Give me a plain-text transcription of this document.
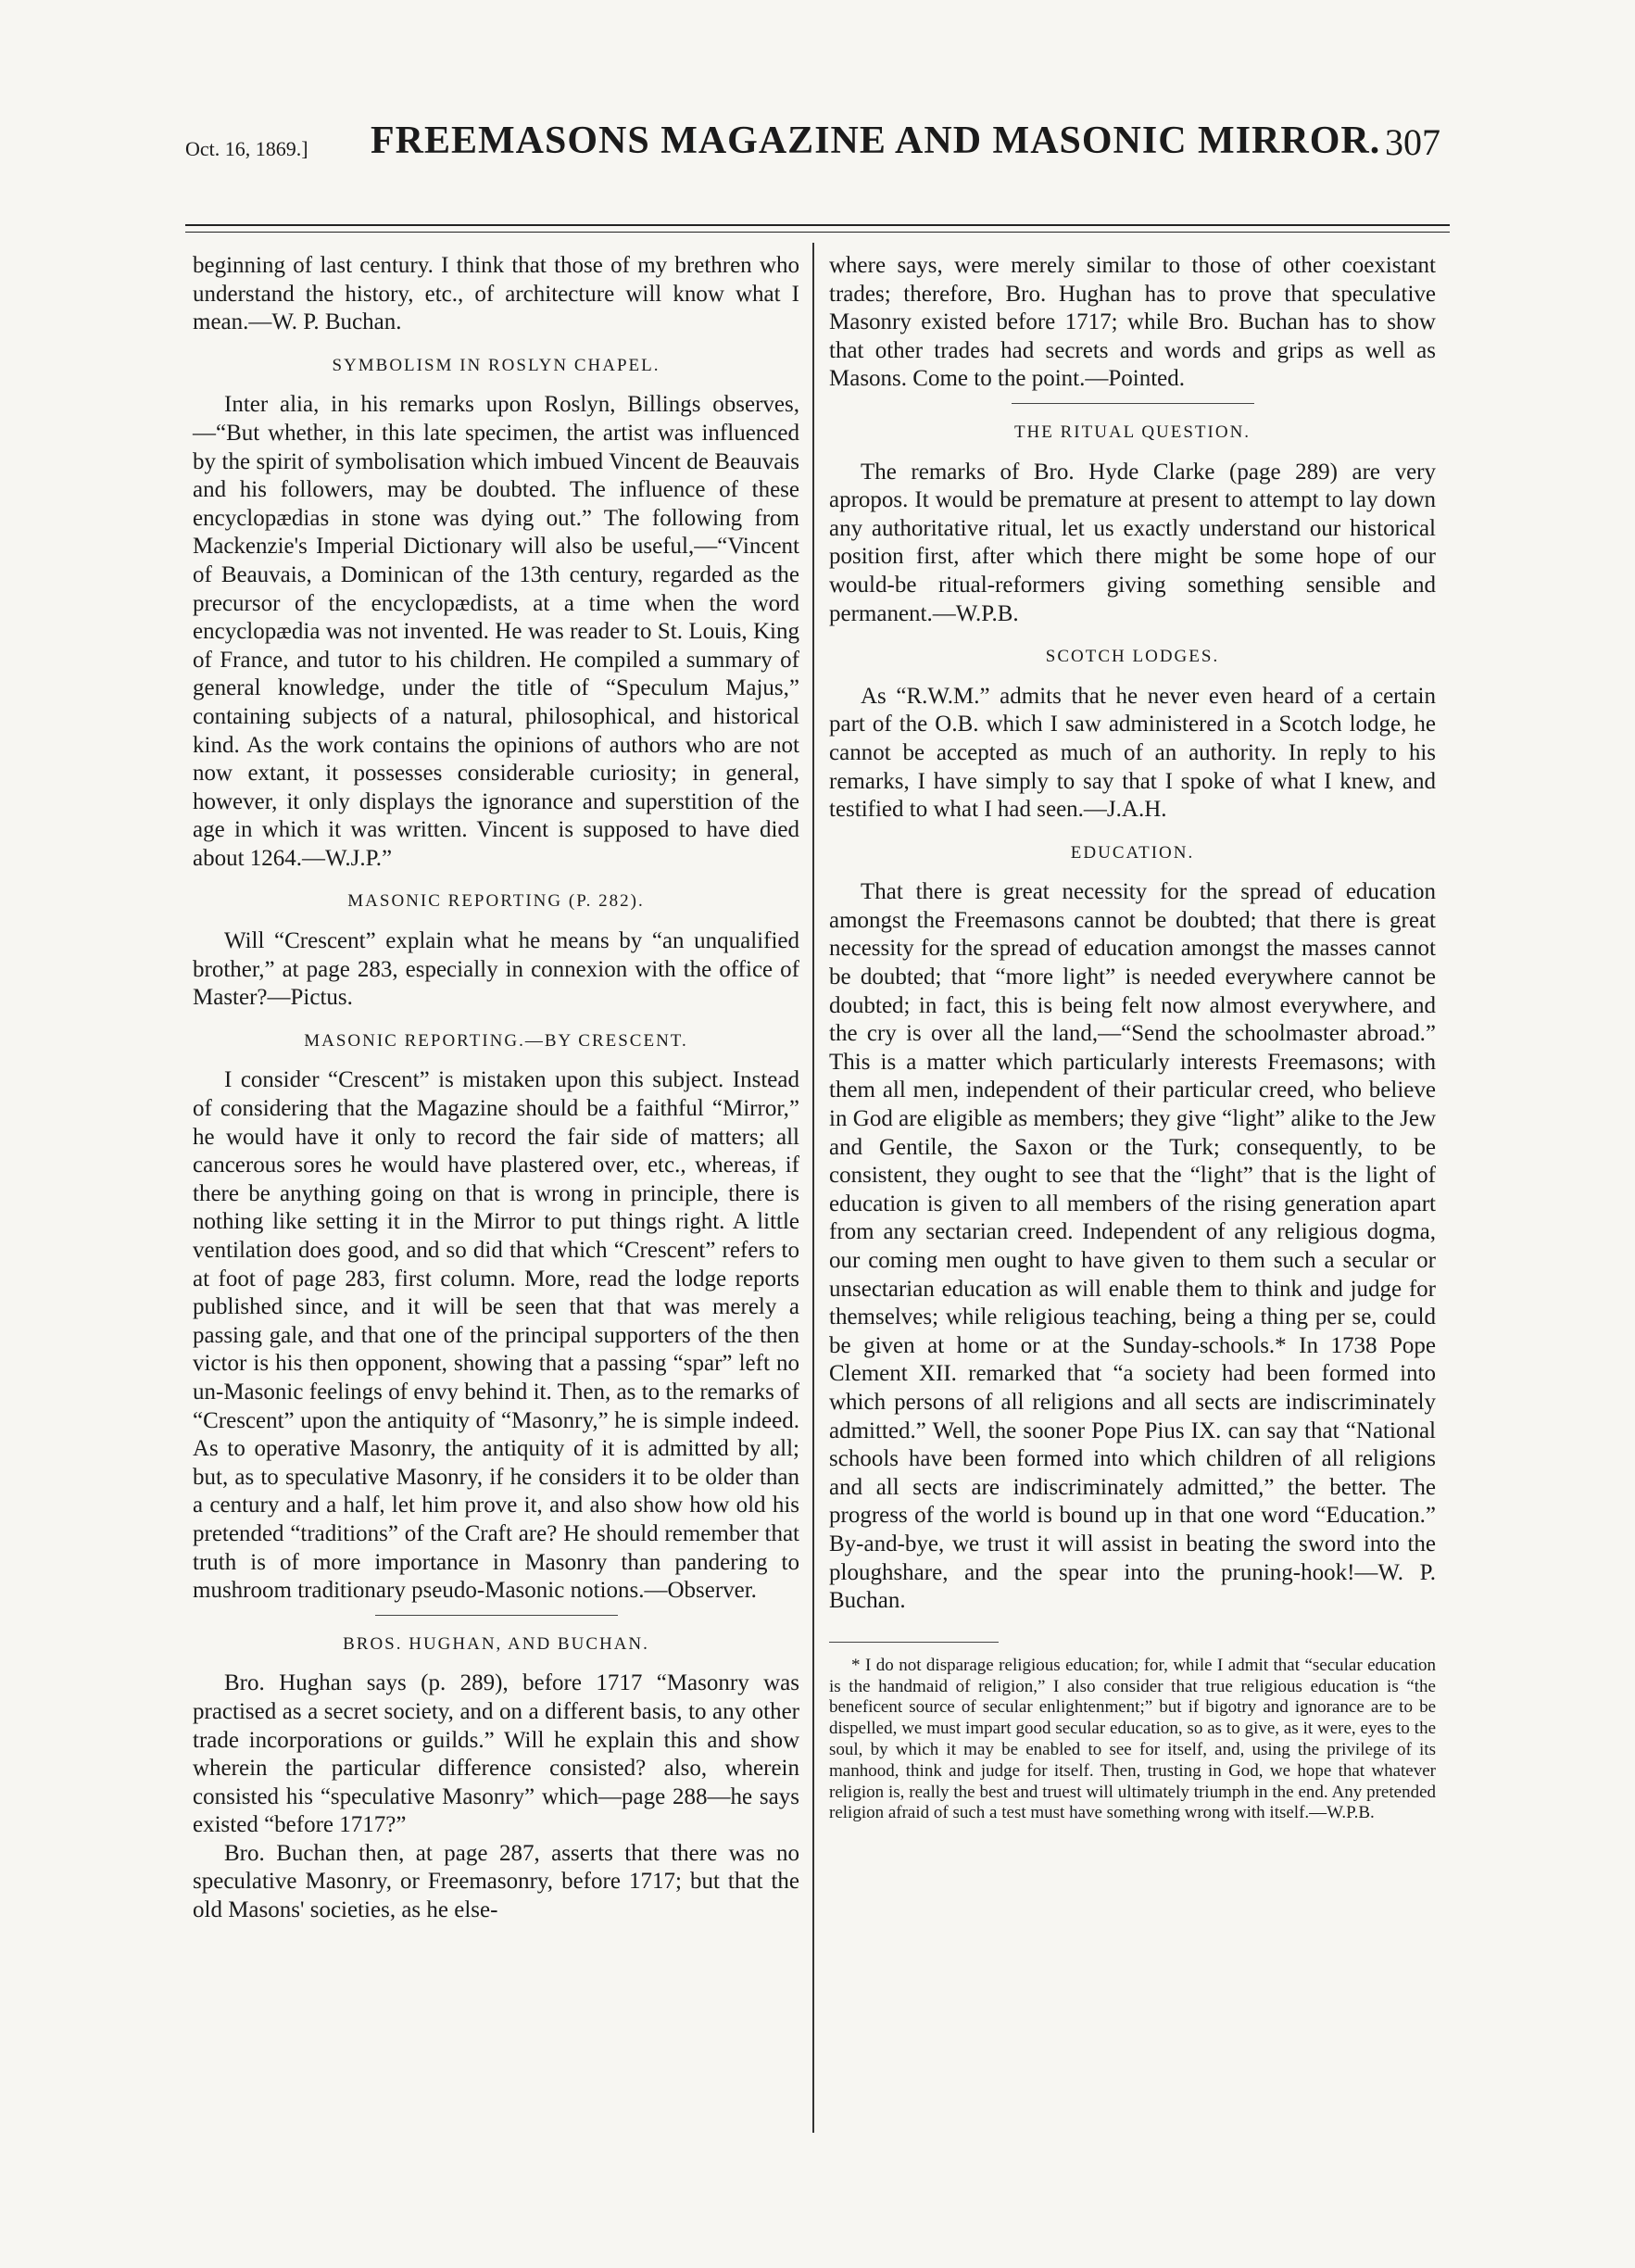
Oct. 16, 1869.] FREEMASONS MAGAZINE AND MASONIC MIRROR. 307

beginning of last century. I think that those of my brethren who understand the history, etc., of architecture will know what I mean.—W. P. Buchan.

SYMBOLISM IN ROSLYN CHAPEL.

Inter alia, in his remarks upon Roslyn, Billings observes,—“But whether, in this late specimen, the artist was influenced by the spirit of symbolisation which imbued Vincent de Beauvais and his followers, may be doubted. The influence of these encyclopædias in stone was dying out.” The following from Mackenzie's Imperial Dictionary will also be useful,—“Vincent of Beauvais, a Dominican of the 13th century, regarded as the precursor of the encyclopædists, at a time when the word encyclopædia was not invented. He was reader to St. Louis, King of France, and tutor to his children. He compiled a summary of general knowledge, under the title of “Speculum Majus,” containing subjects of a natural, philosophical, and historical kind. As the work contains the opinions of authors who are not now extant, it possesses considerable curiosity; in general, however, it only displays the ignorance and superstition of the age in which it was written. Vincent is supposed to have died about 1264.—W.J.P.”

MASONIC REPORTING (P. 282).

Will “Crescent” explain what he means by “an unqualified brother,” at page 283, especially in connexion with the office of Master?—Pictus.

MASONIC REPORTING.—BY CRESCENT.

I consider “Crescent” is mistaken upon this subject. Instead of considering that the Magazine should be a faithful “Mirror,” he would have it only to record the fair side of matters; all cancerous sores he would have plastered over, etc., whereas, if there be anything going on that is wrong in principle, there is nothing like setting it in the Mirror to put things right. A little ventilation does good, and so did that which “Crescent” refers to at foot of page 283, first column. More, read the lodge reports published since, and it will be seen that that was merely a passing gale, and that one of the principal supporters of the then victor is his then opponent, showing that a passing “spar” left no un-Masonic feelings of envy behind it. Then, as to the remarks of “Crescent” upon the antiquity of “Masonry,” he is simple indeed. As to operative Masonry, the antiquity of it is admitted by all; but, as to speculative Masonry, if he considers it to be older than a century and a half, let him prove it, and also show how old his pretended “traditions” of the Craft are? He should remember that truth is of more importance in Masonry than pandering to mushroom traditionary pseudo-Masonic notions.—Observer.

BROS. HUGHAN, AND BUCHAN.

Bro. Hughan says (p. 289), before 1717 “Masonry was practised as a secret society, and on a different basis, to any other trade incorporations or guilds.” Will he explain this and show wherein the particular difference consisted? also, wherein consisted his “speculative Masonry” which—page 288—he says existed “before 1717?”

Bro. Buchan then, at page 287, asserts that there was no speculative Masonry, or Freemasonry, before 1717; but that the old Masons' societies, as he else-

where says, were merely similar to those of other coexistant trades; therefore, Bro. Hughan has to prove that speculative Masonry existed before 1717; while Bro. Buchan has to show that other trades had secrets and words and grips as well as Masons. Come to the point.—Pointed.

THE RITUAL QUESTION.

The remarks of Bro. Hyde Clarke (page 289) are very apropos. It would be premature at present to attempt to lay down any authoritative ritual, let us exactly understand our historical position first, after which there might be some hope of our would-be ritual-reformers giving something sensible and permanent.—W.P.B.

SCOTCH LODGES.

As “R.W.M.” admits that he never even heard of a certain part of the O.B. which I saw administered in a Scotch lodge, he cannot be accepted as much of an authority. In reply to his remarks, I have simply to say that I spoke of what I knew, and testified to what I had seen.—J.A.H.

EDUCATION.

That there is great necessity for the spread of education amongst the Freemasons cannot be doubted; that there is great necessity for the spread of education amongst the masses cannot be doubted; that “more light” is needed everywhere cannot be doubted; in fact, this is being felt now almost everywhere, and the cry is over all the land,—“Send the schoolmaster abroad.” This is a matter which particularly interests Freemasons; with them all men, independent of their particular creed, who believe in God are eligible as members; they give “light” alike to the Jew and Gentile, the Saxon or the Turk; consequently, to be consistent, they ought to see that the “light” that is the light of education is given to all members of the rising generation apart from any sectarian creed. Independent of any religious dogma, our coming men ought to have given to them such a secular or unsectarian education as will enable them to think and judge for themselves; while religious teaching, being a thing per se, could be given at home or at the Sunday-schools.* In 1738 Pope Clement XII. remarked that “a society had been formed into which persons of all religions and all sects are indiscriminately admitted.” Well, the sooner Pope Pius IX. can say that “National schools have been formed into which children of all religions and all sects are indiscriminately admitted,” the better. The progress of the world is bound up in that one word “Education.” By-and-bye, we trust it will assist in beating the sword into the ploughshare, and the spear into the pruning-hook!—W. P. Buchan.

* I do not disparage religious education; for, while I admit that “secular education is the handmaid of religion,” I also consider that true religious education is “the beneficent source of secular enlightenment;” but if bigotry and ignorance are to be dispelled, we must impart good secular education, so as to give, as it were, eyes to the soul, by which it may be enabled to see for itself, and, using the privilege of its manhood, think and judge for itself. Then, trusting in God, we hope that whatever religion is, really the best and truest will ultimately triumph in the end. Any pretended religion afraid of such a test must have something wrong with itself.—W.P.B.
